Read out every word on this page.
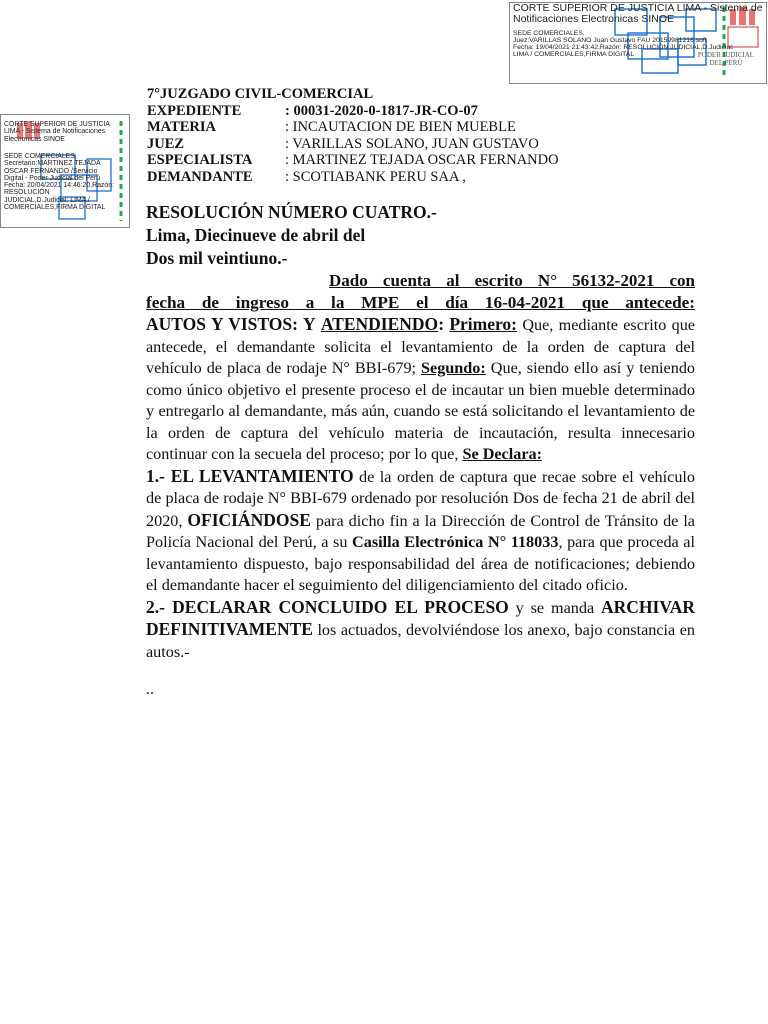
CORTE SUPERIOR DE JUSTICIA LIMA - Sistema de Notificaciones Electronicas SINOE
SEDE COMERCIALES,
Juez:VARILLAS SOLANO Juan Gustavo FAU 20159981216 soft
Fecha: 19/04/2021 21:43:42,Razón: RESOLUCIÓN JUDICIAL,D.Judicial:
LIMA / COMERCIALES,FIRMA DIGITAL	PODER JUDICIAL
DEL PERÚ
CORTE SUPERIOR DE JUSTICIA LIMA - Sistema de Notificaciones Electronicas SINOE
SEDE COMERCIALES,
Secretario:MARTINEZ TEJADA
OSCAR FERNANDO /Servicio
Digital - Poder Judicial del Perú
Fecha: 20/04/2021 14:46:20,Razón:
RESOLUCIÓN
JUDICIAL,D.Judicial: LIMA /
COMERCIALES,FIRMA DIGITAL
7°JUZGADO CIVIL-COMERCIAL
EXPEDIENTE	: 00031-2020-0-1817-JR-CO-07
MATERIA	: INCAUTACION DE BIEN MUEBLE
JUEZ	: VARILLAS SOLANO, JUAN GUSTAVO
ESPECIALISTA : MARTINEZ TEJADA OSCAR FERNANDO
DEMANDANTE : SCOTIABANK PERU SAA ,
RESOLUCIÓN NÚMERO CUATRO.-
Lima, Diecinueve de abril del
Dos mil veintiuno.-
Dado cuenta al escrito N° 56132-2021 con
fecha de ingreso a la MPE el día 16-04-2021 que antecede:

AUTOS Y VISTOS: Y ATENDIENDO: Primero: Que, mediante escrito que antecede, el demandante solicita el levantamiento de la orden de captura del vehículo de placa de rodaje N° BBI-679; Segundo: Que, siendo ello así y teniendo como único objetivo el presente proceso el de incautar un bien mueble determinado y entregarlo al demandante, más aún, cuando se está solicitando el levantamiento de la orden de captura del vehículo materia de incautación, resulta innecesario continuar con la secuela del proceso; por lo que, Se Declara:

1.- EL LEVANTAMIENTO de la orden de captura que recae sobre el vehículo de placa de rodaje N° BBI-679 ordenado por resolución Dos de fecha 21 de abril del 2020, OFICIÁNDOSE para dicho fin a la Dirección de Control de Tránsito de la Policía Nacional del Perú, a su Casilla Electrónica N° 118033, para que proceda al levantamiento dispuesto, bajo responsabilidad del área de notificaciones; debiendo el demandante hacer el seguimiento del diligenciamiento del citado oficio.

2.- DECLARAR CONCLUIDO EL PROCESO y se manda ARCHIVAR DEFINITIVAMENTE los actuados, devolviéndose los anexo, bajo constancia en autos.-

..
